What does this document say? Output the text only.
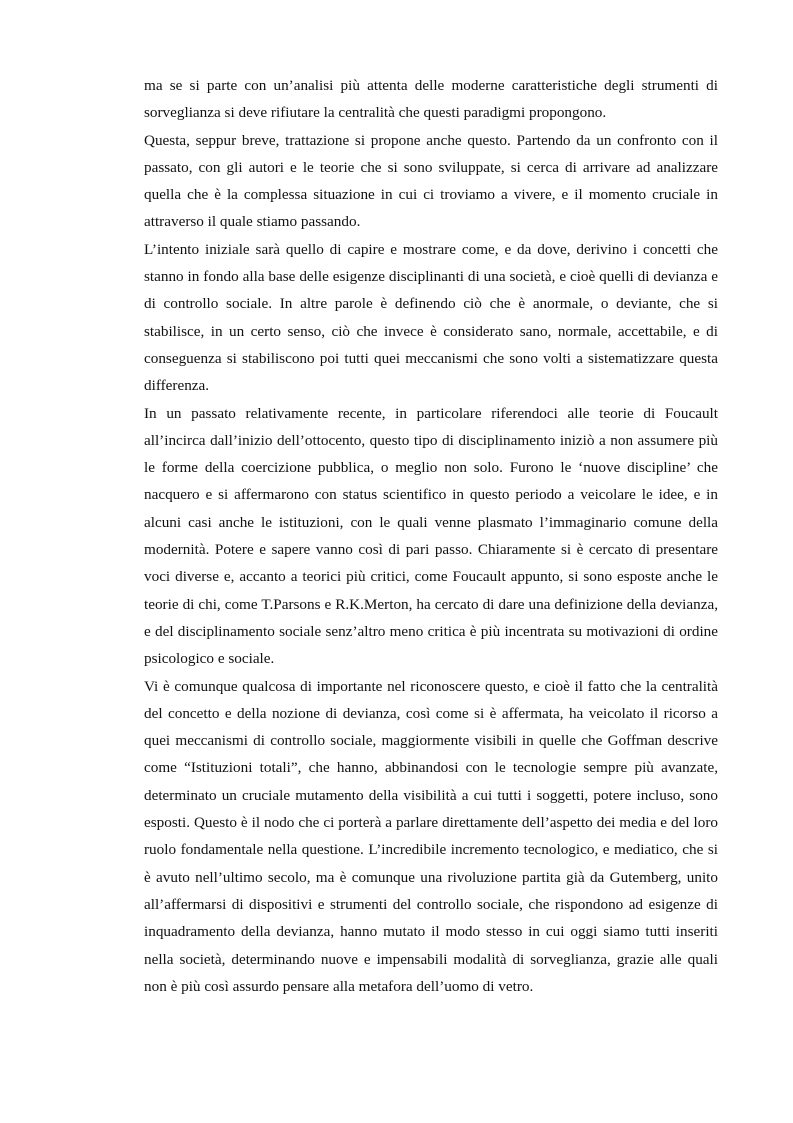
ma se si parte con un’analisi più attenta delle moderne caratteristiche degli strumenti di sorveglianza si deve rifiutare la centralità che questi paradigmi propongono.

Questa, seppur breve, trattazione si propone anche questo. Partendo da un confronto con il passato, con gli autori e le teorie che si sono sviluppate, si cerca di arrivare ad analizzare quella che è la complessa situazione in cui ci troviamo a vivere, e il momento cruciale in attraverso il quale stiamo passando.

L’intento iniziale sarà quello di capire e mostrare come, e da dove, derivino i concetti che stanno in fondo alla base delle esigenze disciplinanti di una società, e cioè quelli di devianza e di controllo sociale. In altre parole è definendo ciò che è anormale, o deviante, che si stabilisce, in un certo senso, ciò che invece è considerato sano, normale, accettabile, e di conseguenza si stabiliscono poi tutti quei meccanismi che sono volti a sistematizzare questa differenza.

In un passato relativamente recente, in particolare riferendoci alle teorie di Foucault all’incirca dall’inizio dell’ottocento, questo tipo di disciplinamento iniziò a non assumere più le forme della coercizione pubblica, o meglio non solo. Furono le ‘nuove discipline’ che nacquero e si affermarono con status scientifico in questo periodo a veicolare le idee, e in alcuni casi anche le istituzioni, con le quali venne plasmato l’immaginario comune della modernità. Potere e sapere vanno così di pari passo. Chiaramente si è cercato di presentare voci diverse e, accanto a teorici più critici, come Foucault appunto, si sono esposte anche le teorie di chi, come T.Parsons e R.K.Merton, ha cercato di dare una definizione della devianza, e del disciplinamento sociale senz’altro meno critica è più incentrata su motivazioni di ordine psicologico e sociale.

Vi è comunque qualcosa di importante nel riconoscere questo, e cioè il fatto che la centralità del concetto e della nozione di devianza, così come si è affermata, ha veicolato il ricorso a quei meccanismi di controllo sociale, maggiormente visibili in quelle che Goffman descrive come “Istituzioni totali”, che hanno, abbinandosi con le tecnologie sempre più avanzate, determinato un cruciale mutamento della visibilità a cui tutti i soggetti, potere incluso, sono esposti. Questo è il nodo che ci porterà a parlare direttamente dell’aspetto dei media e del loro ruolo fondamentale nella questione. L’incredibile incremento tecnologico, e mediatico, che si è avuto nell’ultimo secolo, ma è comunque una rivoluzione partita già da Gutemberg, unito all’affermarsi di dispositivi e strumenti del controllo sociale, che rispondono ad esigenze di inquadramento della devianza, hanno mutato il modo stesso in cui oggi siamo tutti inseriti nella società, determinando nuove e impensabili modalità di sorveglianza, grazie alle quali non è più così assurdo pensare alla metafora dell’uomo di vetro.
